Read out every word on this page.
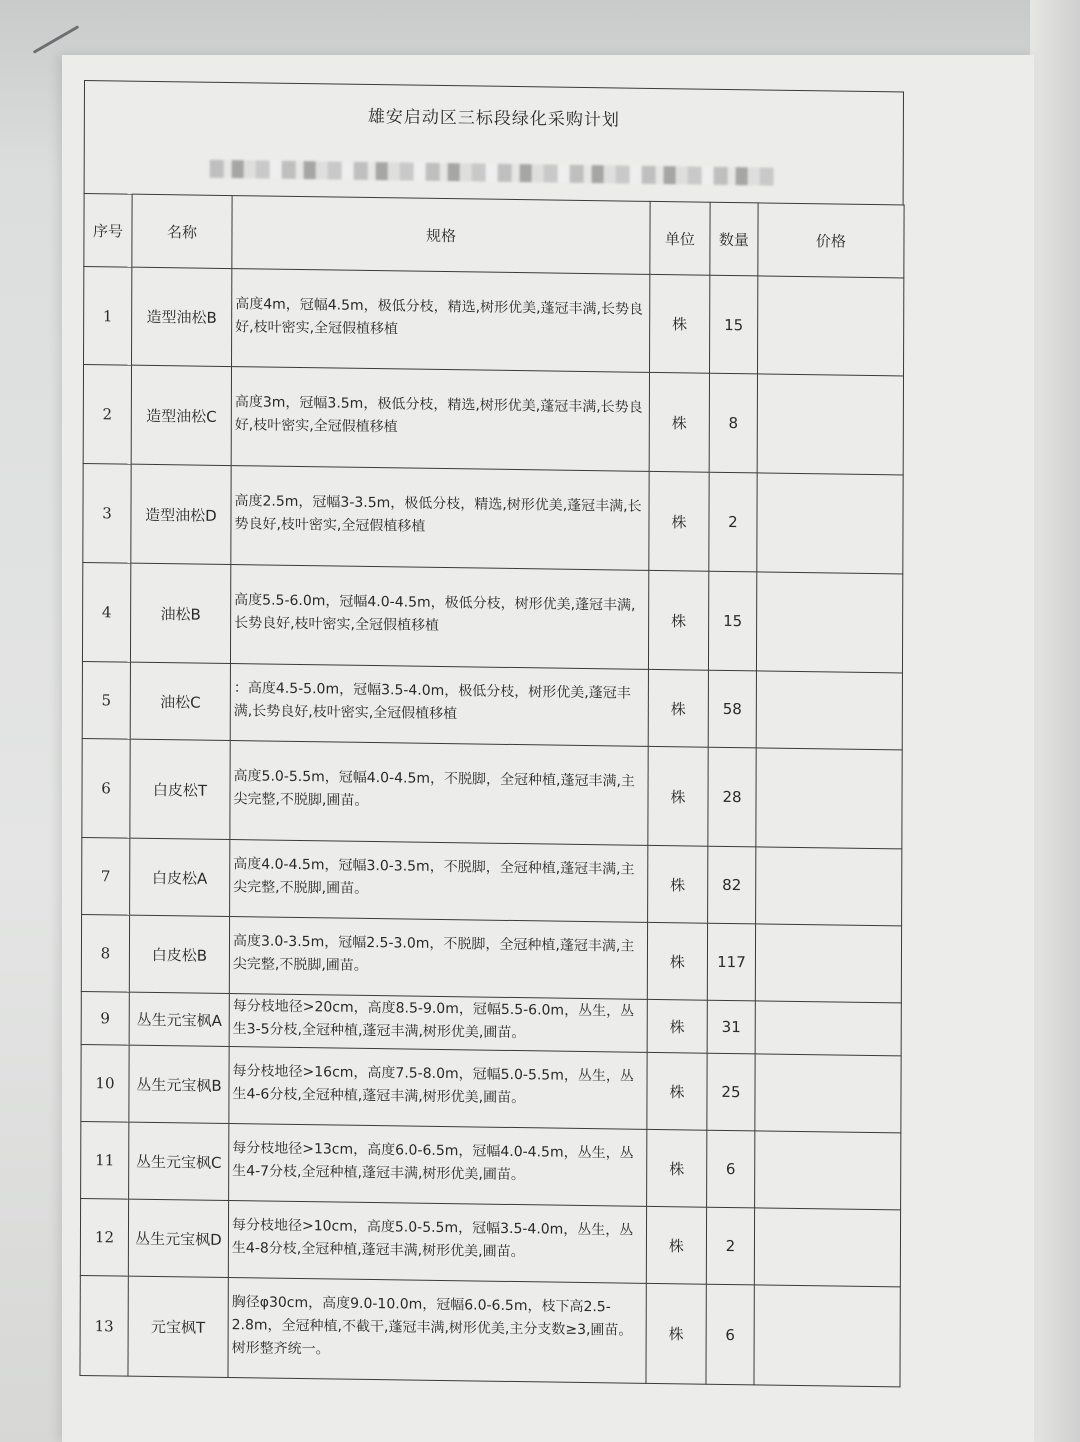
雄安启动区三标段绿化采购计划
序号	名称	规格	单位	数量	价格
1	造型油松B	高度4m，冠幅4.5m，极低分枝，精选,树形优美,蓬冠丰满,长势良好,枝叶密实,全冠假植移植	株	15	
2	造型油松C	高度3m，冠幅3.5m，极低分枝，精选,树形优美,蓬冠丰满,长势良好,枝叶密实,全冠假植移植	株	8	
3	造型油松D	高度2.5m，冠幅3-3.5m，极低分枝，精选,树形优美,蓬冠丰满,长势良好,枝叶密实,全冠假植移植	株	2	
4	油松B	高度5.5-6.0m，冠幅4.0-4.5m，极低分枝，树形优美,蓬冠丰满,长势良好,枝叶密实,全冠假植移植	株	15	
5	油松C	：高度4.5-5.0m，冠幅3.5-4.0m，极低分枝，树形优美,蓬冠丰满,长势良好,枝叶密实,全冠假植移植	株	58	
6	白皮松T	高度5.0-5.5m，冠幅4.0-4.5m，不脱脚，全冠种植,蓬冠丰满,主尖完整,不脱脚,圃苗。	株	28	
7	白皮松A	高度4.0-4.5m，冠幅3.0-3.5m，不脱脚，全冠种植,蓬冠丰满,主尖完整,不脱脚,圃苗。	株	82	
8	白皮松B	高度3.0-3.5m，冠幅2.5-3.0m，不脱脚，全冠种植,蓬冠丰满,主尖完整,不脱脚,圃苗。	株	117	
9	丛生元宝枫A	每分枝地径>20cm，高度8.5-9.0m，冠幅5.5-6.0m，丛生，丛生3-5分枝,全冠种植,蓬冠丰满,树形优美,圃苗。	株	31	
10	丛生元宝枫B	每分枝地径>16cm，高度7.5-8.0m，冠幅5.0-5.5m，丛生，丛生4-6分枝,全冠种植,蓬冠丰满,树形优美,圃苗。	株	25	
11	丛生元宝枫C	每分枝地径>13cm，高度6.0-6.5m，冠幅4.0-4.5m，丛生，丛生4-7分枝,全冠种植,蓬冠丰满,树形优美,圃苗。	株	6	
12	丛生元宝枫D	每分枝地径>10cm，高度5.0-5.5m，冠幅3.5-4.0m，丛生，丛生4-8分枝,全冠种植,蓬冠丰满,树形优美,圃苗。	株	2	
13	元宝枫T	胸径φ30cm，高度9.0-10.0m，冠幅6.0-6.5m，枝下高2.5-2.8m，全冠种植,不截干,蓬冠丰满,树形优美,主分支数≥3,圃苗。树形整齐统一。	株	6	
